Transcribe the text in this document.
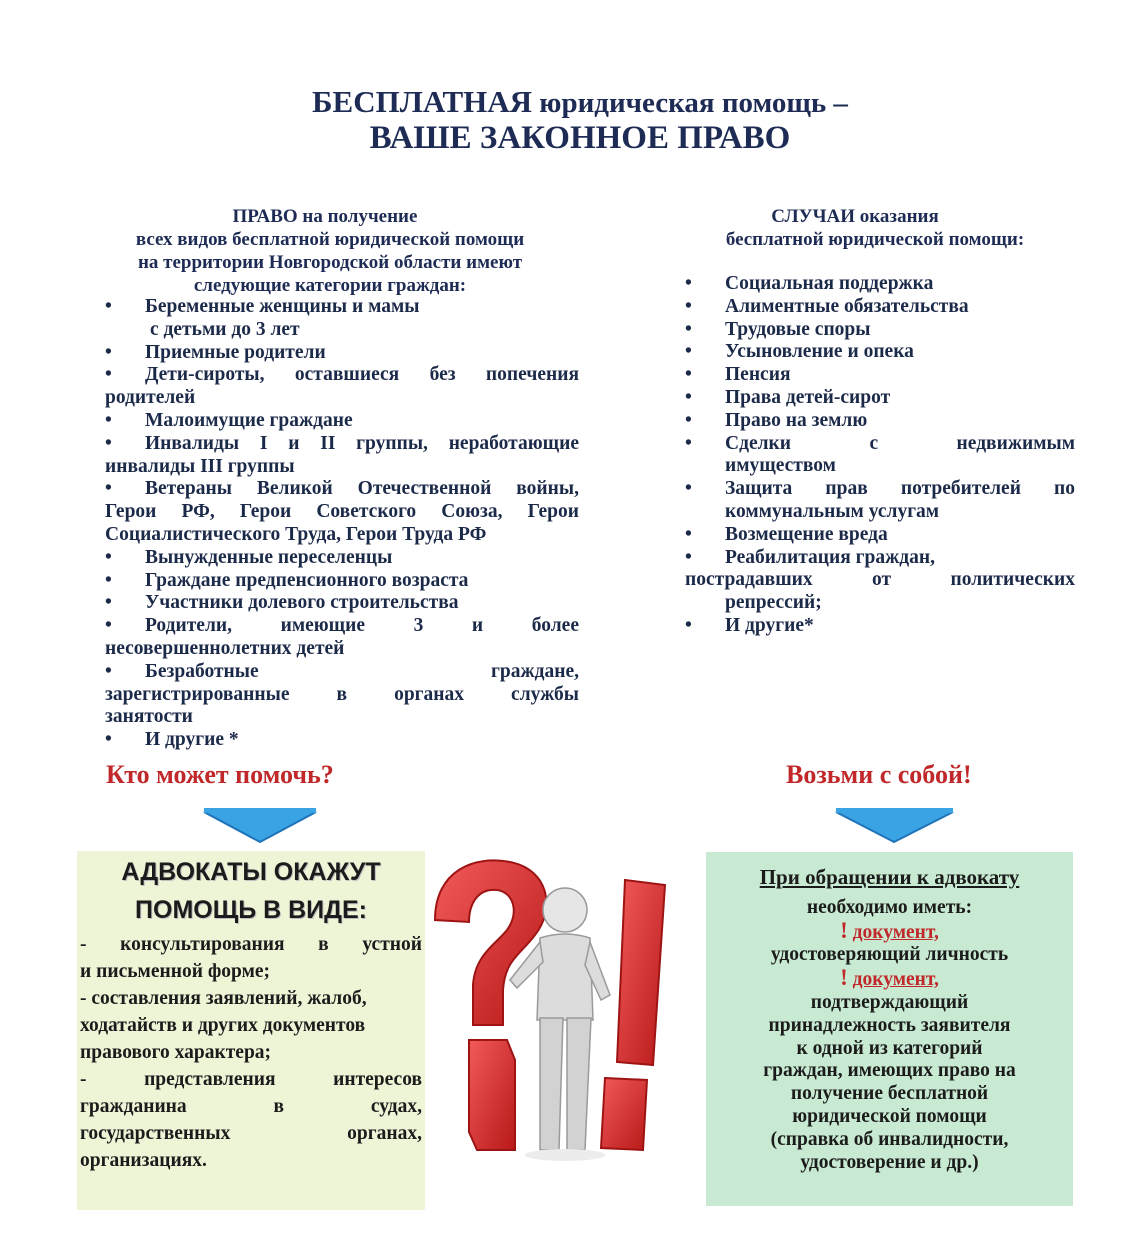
БЕСПЛАТНАЯ юридическая помощь –
ВАШЕ ЗАКОННОЕ ПРАВО
ПРАВО на получение
всех видов бесплатной юридической помощи
на территории Новгородской области имеют
следующие категории граждан:
• Беременные женщины и мамы
с детьми до 3 лет
• Приемные родители
• Дети-сироты, оставшиеся без попечения
родителей
• Малоимущие граждане
• Инвалиды I и II группы, неработающие
инвалиды III группы
• Ветераны Великой Отечественной войны,
Герои РФ, Герои Советского Союза, Герои
Социалистического Труда, Герои Труда РФ
• Вынужденные переселенцы
• Граждане предпенсионного возраста
• Участники долевого строительства
• Родители, имеющие 3 и более
несовершеннолетних детей
• Безработные граждане,
зарегистрированные в органах службы
занятости
• И другие *
СЛУЧАИ оказания
бесплатной юридической помощи:
• Социальная поддержка
• Алиментные обязательства
• Трудовые споры
• Усыновление и опека
• Пенсия
• Права детей-сирот
• Право на землю
• Сделки с недвижимым
имуществом
• Защита прав потребителей по
коммунальным услугам
• Возмещение вреда
• Реабилитация граждан,
пострадавших от политических
репрессий;
• И другие*
Кто может помочь?	Возьми с собой!
АДВОКАТЫ ОКАЖУТ
ПОМОЩЬ В ВИДЕ:
- консультирования в устной
и письменной форме;
- составления заявлений, жалоб,
ходатайств и других документов
правового характера;
- представления интересов
гражданина в судах,
государственных органах,
организациях.
При обращении к адвокату
необходимо иметь:
! документ,
удостоверяющий личность
! документ,
подтверждающий
принадлежность заявителя
к одной из категорий
граждан, имеющих право на
получение бесплатной
юридической помощи
(справка об инвалидности,
удостоверение и др.)
